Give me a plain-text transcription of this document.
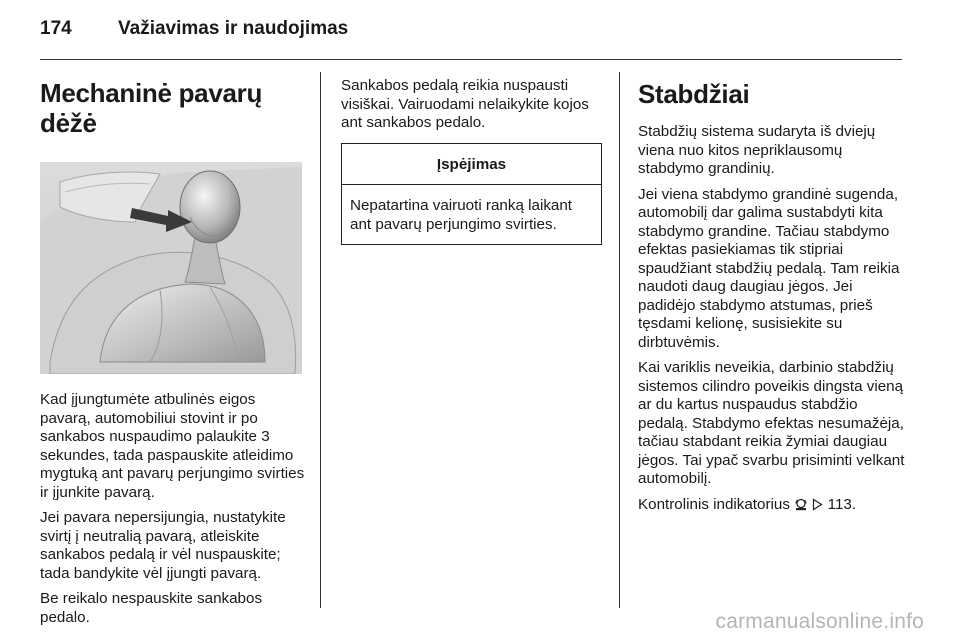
174	Važiavimas ir naudojimas
Mechaninė pavarų dėžė

Kad įjungtumėte atbulinės eigos pavarą, automobiliui stovint ir po sankabos nuspaudimo palaukite 3 sekundes, tada paspauskite atleidimo mygtuką ant pavarų perjungimo svirties ir įjunkite pavarą.

Jei pavara nepersijungia, nustatykite svirtį į neutralią pavarą, atleiskite sankabos pedalą ir vėl nuspauskite; tada bandykite vėl įjungti pavarą.

Be reikalo nespauskite sankabos pedalo.

Sankabos pedalą reikia nuspausti visiškai. Vairuodami nelaikykite kojos ant sankabos pedalo.

Įspėjimas
Nepatartina vairuoti ranką laikant ant pavarų perjungimo svirties.
Stabdžiai

Stabdžių sistema sudaryta iš dviejų viena nuo kitos nepriklausomų stabdymo grandinių.

Jei viena stabdymo grandinė sugenda, automobilį dar galima sustabdyti kita stabdymo grandine. Tačiau stabdymo efektas pasiekiamas tik stipriai spaudžiant stabdžių pedalą. Tam reikia naudoti daug daugiau jėgos. Jei padidėjo stabdymo atstumas, prieš tęsdami kelionę, susisiekite su dirbtuvėmis.

Kai variklis neveikia, darbinio stabdžių sistemos cilindro poveikis dingsta vieną ar du kartus nuspaudus stabdžio pedalą. Stabdymo efektas nesumažėja, tačiau stabdant reikia žymiai daugiau jėgos. Tai ypač svarbu prisiminti velkant automobilį.

Kontrolinis indikatorius 113.

carmanualsonline.info
